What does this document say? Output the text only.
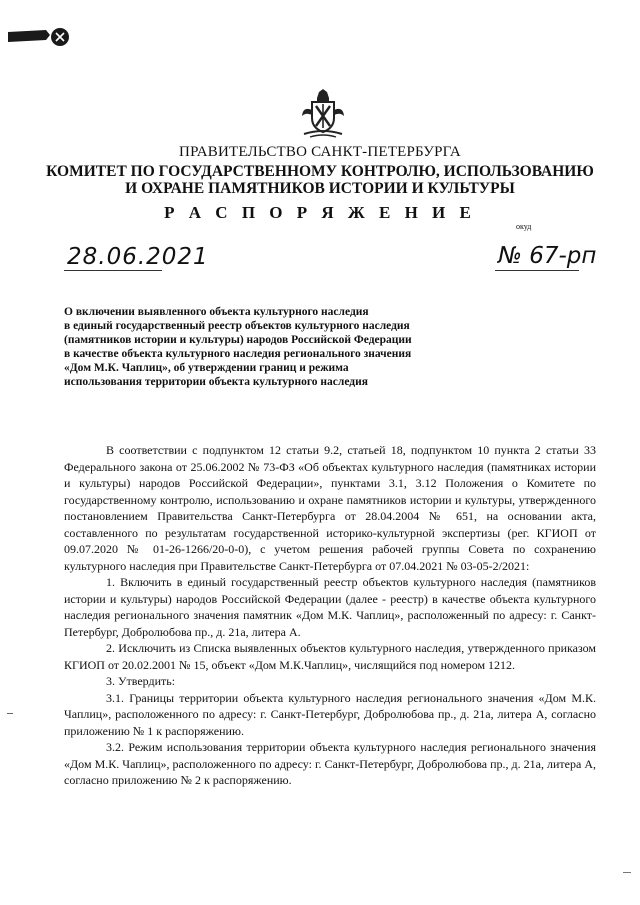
ПРАВИТЕЛЬСТВО САНКТ-ПЕТЕРБУРГА
КОМИТЕТ ПО ГОСУДАРСТВЕННОМУ КОНТРОЛЮ, ИСПОЛЬЗОВАНИЮ
И ОХРАНЕ ПАМЯТНИКОВ ИСТОРИИ И КУЛЬТУРЫ
Р А С П О Р Я Ж Е Н И Е
окуд
28.06.2021	№ 67-рп
О включении выявленного объекта культурного наследия
в единый государственный реестр объектов культурного наследия
(памятников истории и культуры) народов Российской Федерации
в качестве объекта культурного наследия регионального значения
«Дом М.К. Чаплиц», об утверждении границ и режима
использования территории объекта культурного наследия

В соответствии с подпунктом 12 статьи 9.2, статьей 18, подпунктом 10 пункта 2 статьи 33 Федерального закона от 25.06.2002 № 73-ФЗ «Об объектах культурного наследия (памятниках истории и культуры) народов Российской Федерации», пунктами 3.1, 3.12 Положения о Комитете по государственному контролю, использованию и охране памятников истории и культуры, утвержденного постановлением Правительства Санкт-Петербурга от 28.04.2004 № 651, на основании акта, составленного по результатам государственной историко-культурной экспертизы (рег. КГИОП от 09.07.2020 № 01-26-1266/20-0-0), с учетом решения рабочей группы Совета по сохранению культурного наследия при Правительстве Санкт-Петербурга от 07.04.2021 № 03-05-2/2021:

1. Включить в единый государственный реестр объектов культурного наследия (памятников истории и культуры) народов Российской Федерации (далее - реестр) в качестве объекта культурного наследия регионального значения памятник «Дом М.К. Чаплиц», расположенный по адресу: г. Санкт-Петербург, Добролюбова пр., д. 21а, литера А.

2. Исключить из Списка выявленных объектов культурного наследия, утвержденного приказом КГИОП от 20.02.2001 № 15, объект «Дом М.К.Чаплиц», числящийся под номером 1212.

3. Утвердить:

3.1. Границы территории объекта культурного наследия регионального значения «Дом М.К. Чаплиц», расположенного по адресу: г. Санкт-Петербург, Добролюбова пр., д. 21а, литера А, согласно приложению № 1 к распоряжению.

3.2. Режим использования территории объекта культурного наследия регионального значения «Дом М.К. Чаплиц», расположенного по адресу: г. Санкт-Петербург, Добролюбова пр., д. 21а, литера А, согласно приложению № 2 к распоряжению.
